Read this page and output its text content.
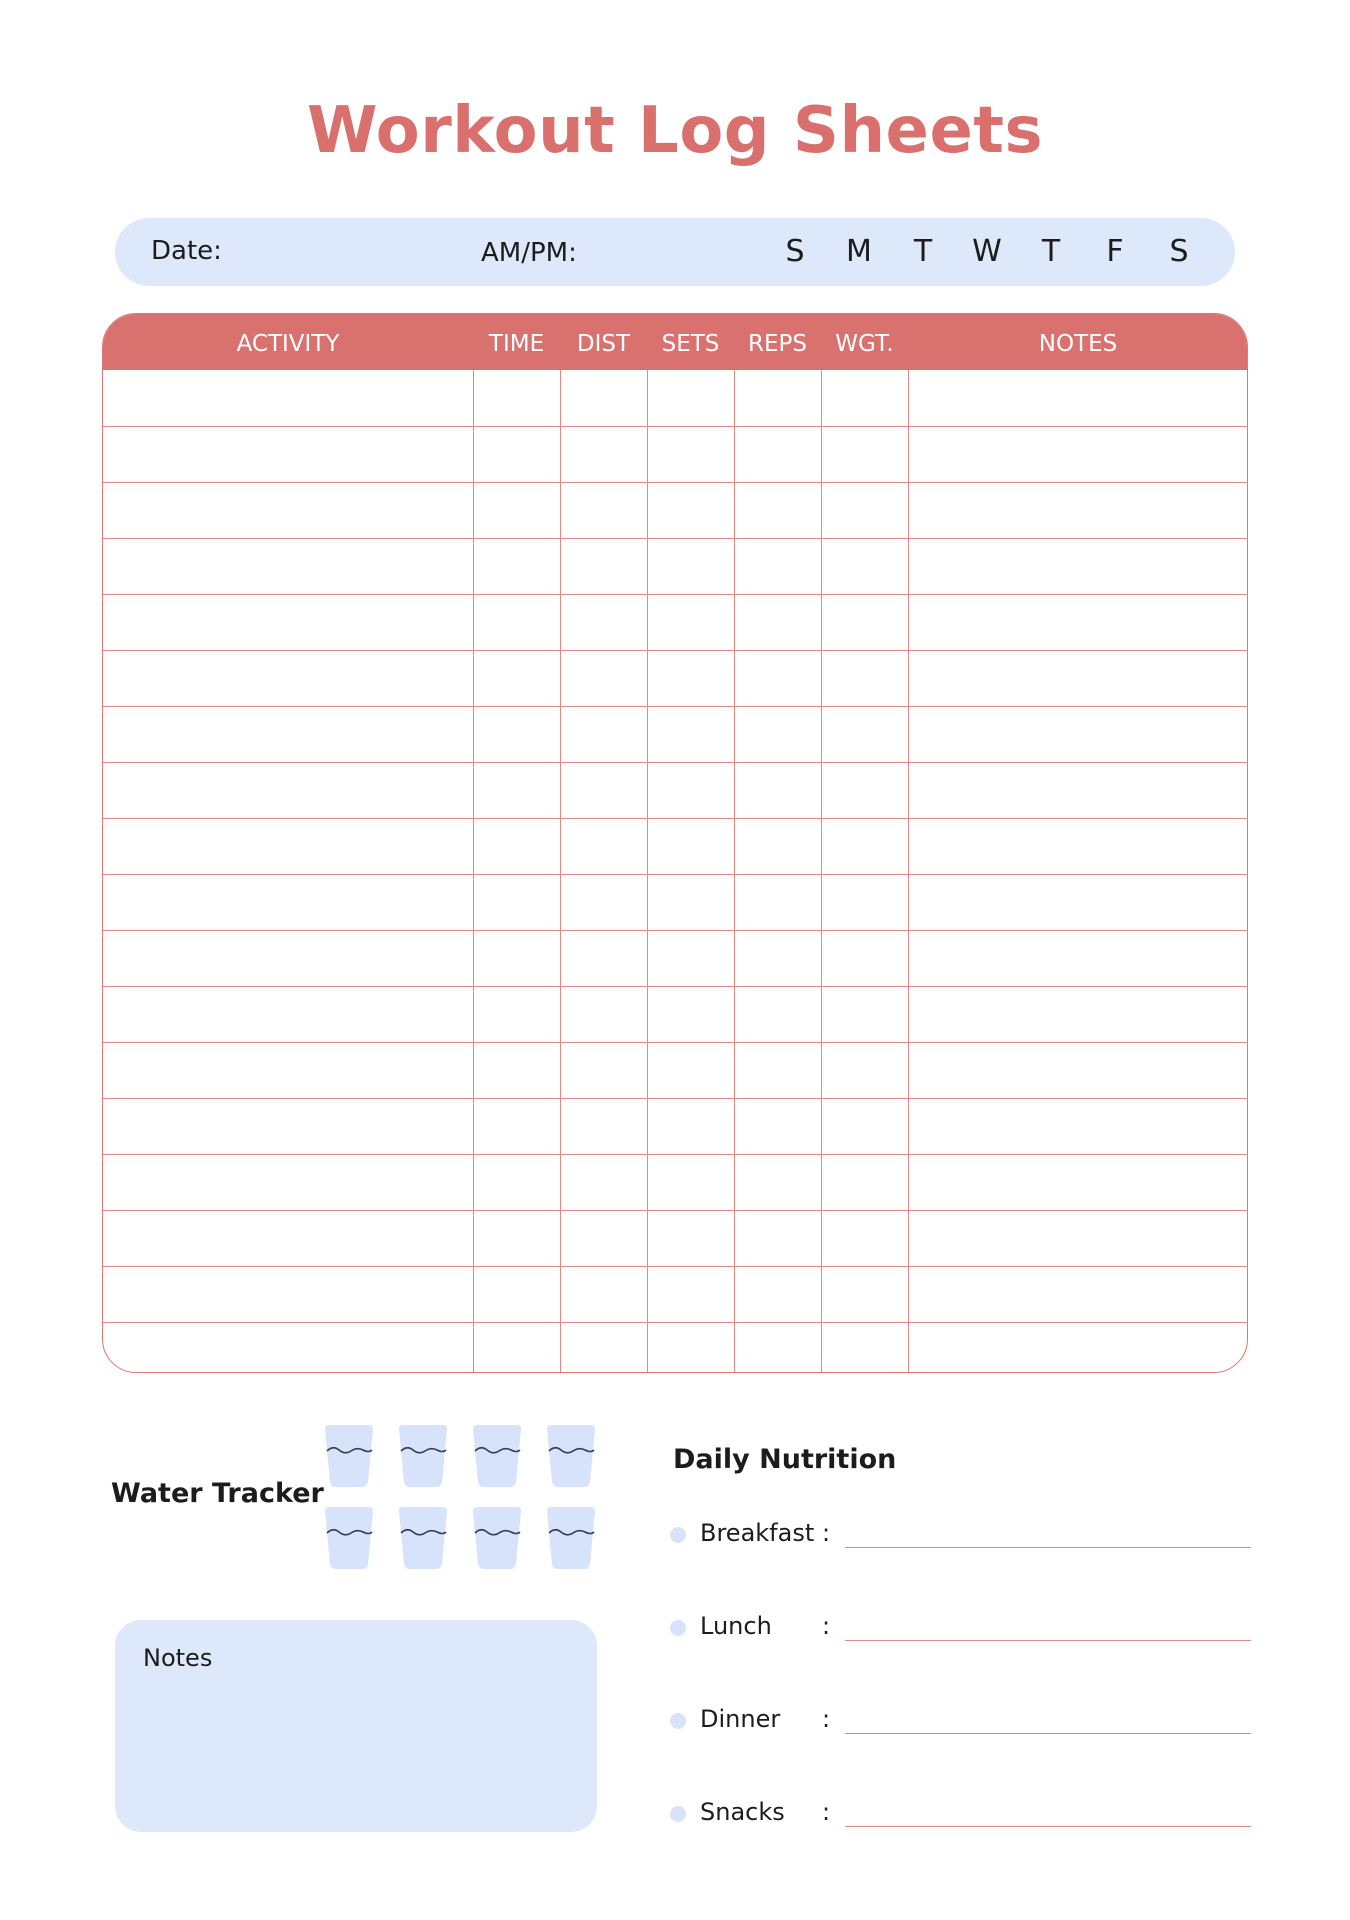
Workout Log Sheets
Date:	AM/PM:	S	M	T	W	T	F	S
ACTIVITY	TIME	DIST	SETS	REPS	WGT.	NOTES
Water Tracker
Notes
Daily Nutrition
Breakfast :
Lunch :
Dinner :
Snacks :
